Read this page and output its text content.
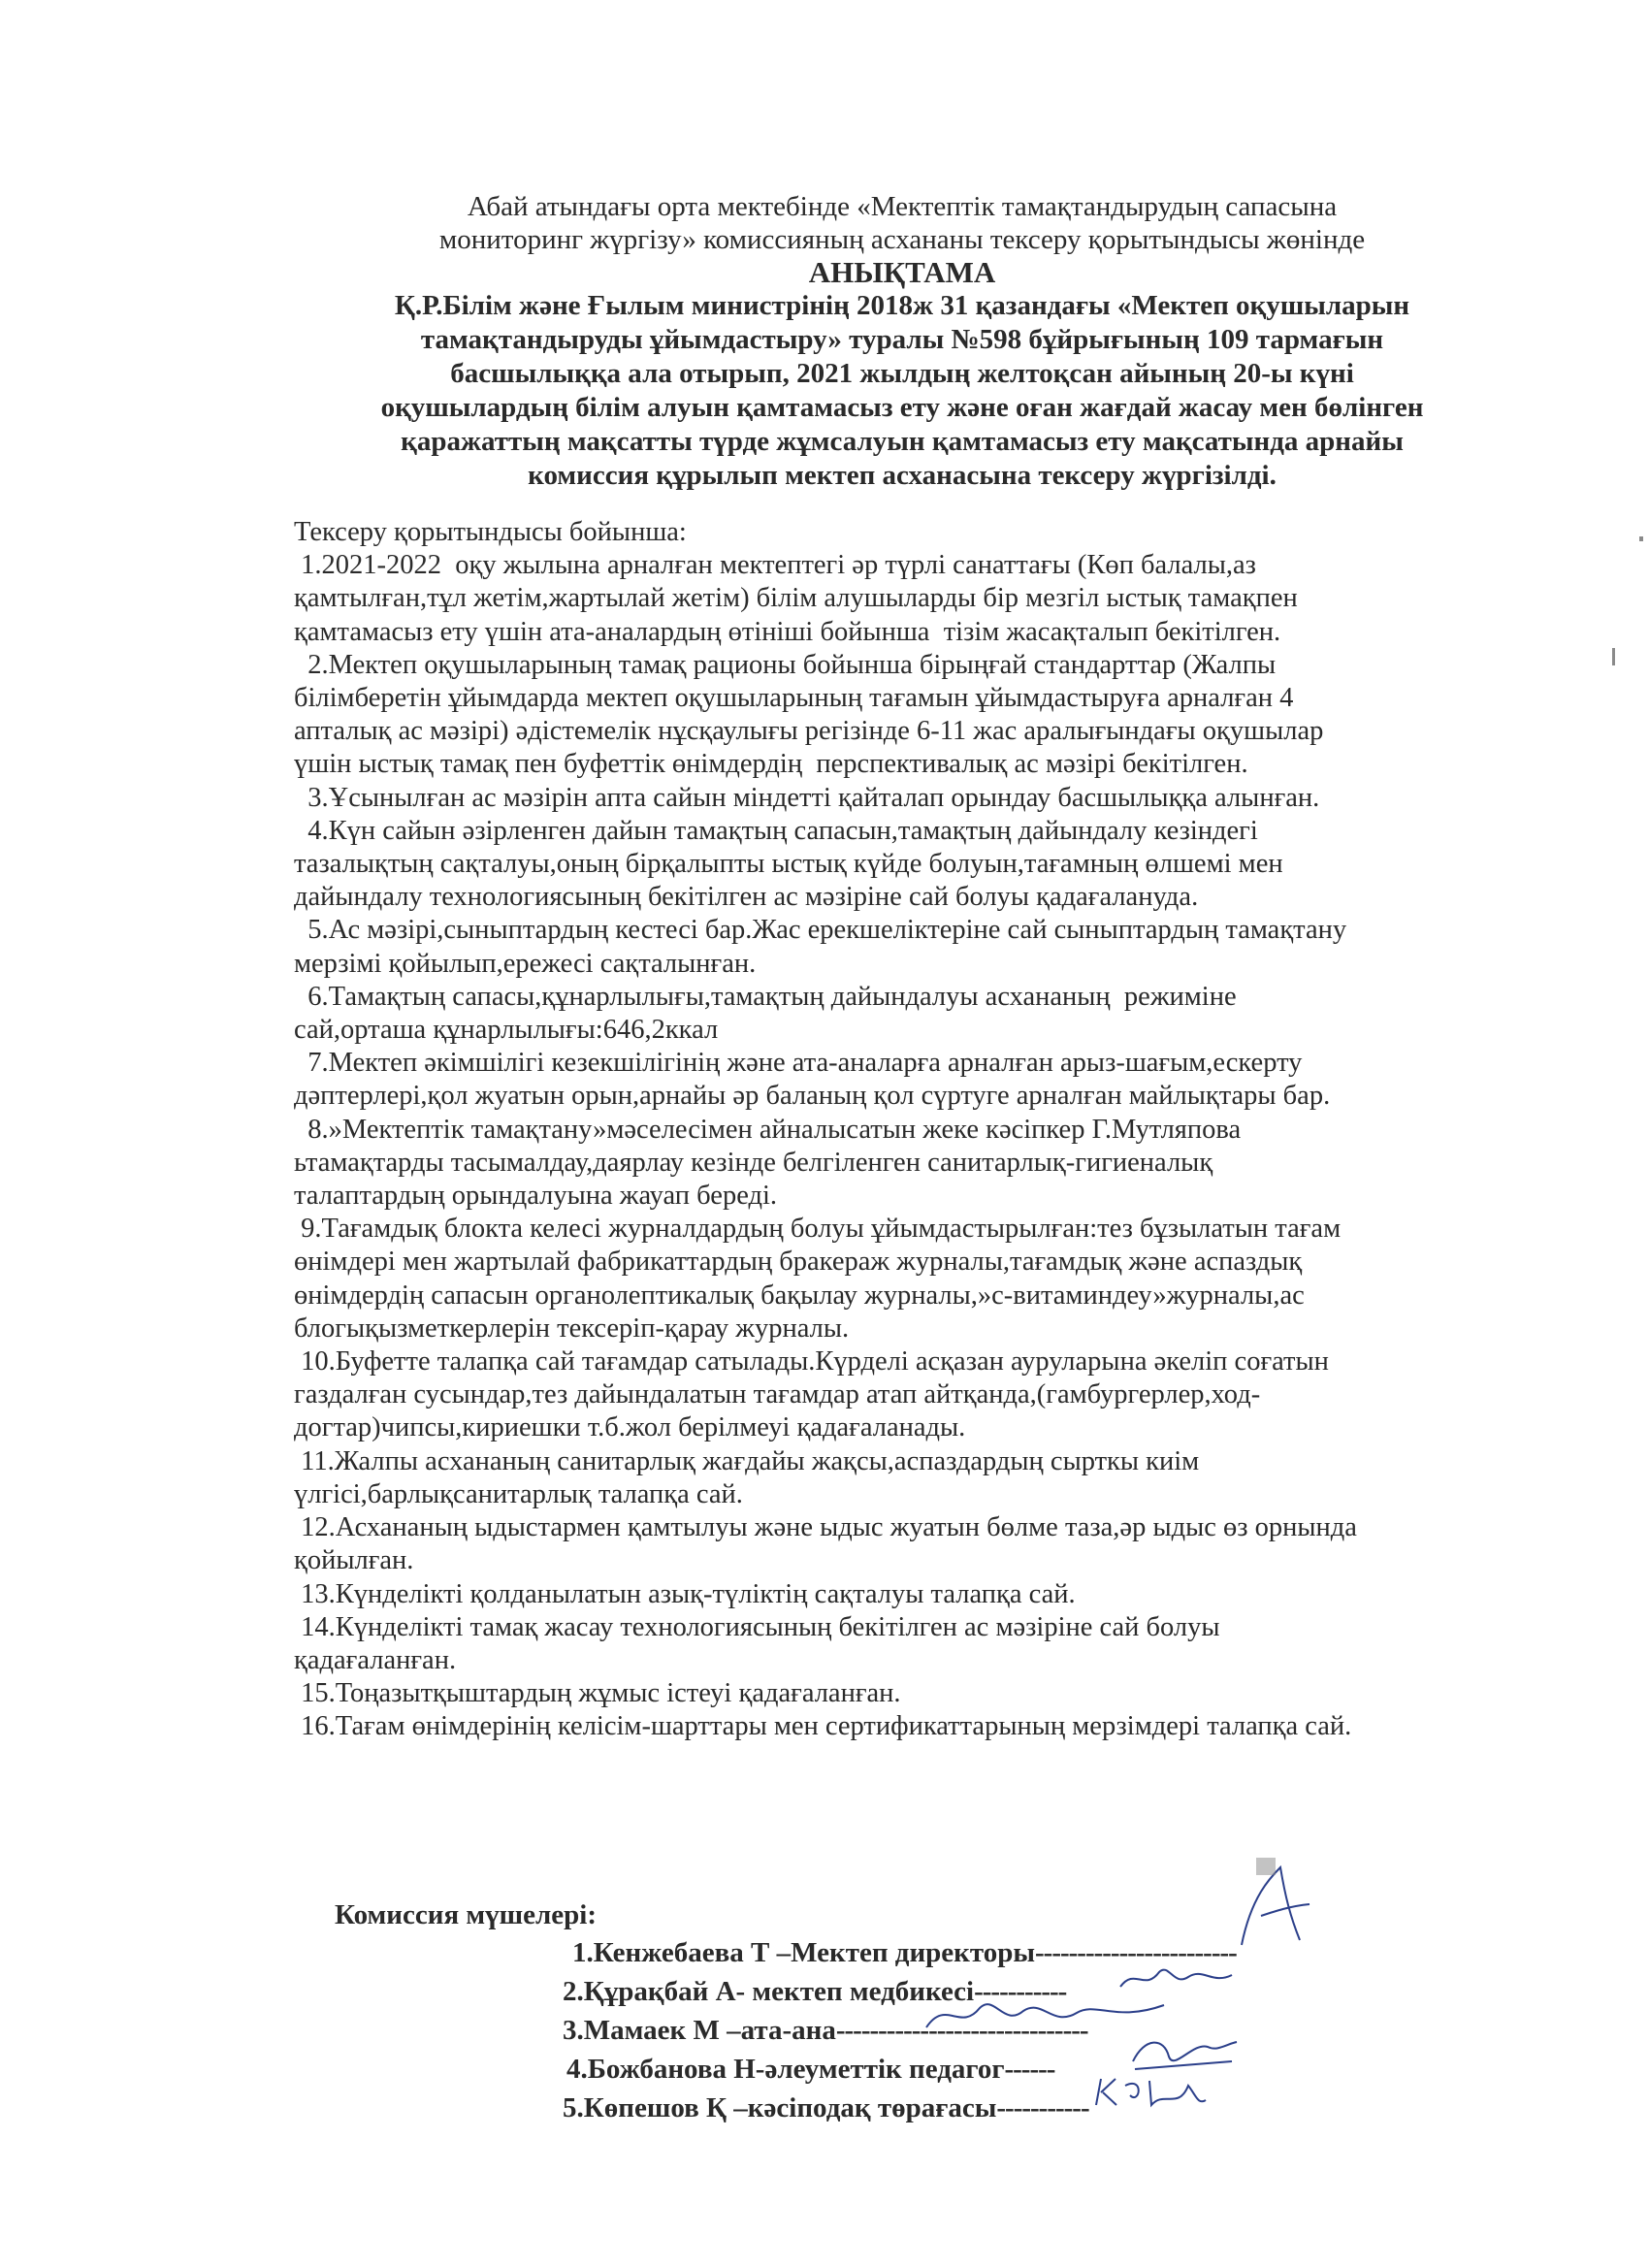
Абай атындағы орта мектебінде «Мектептік тамақтандырудың сапасына
мониторинг жүргізу» комиссияның асхананы тексеру қорытындысы жөнінде
АНЫҚТАМА
Қ.Р.Білім және Ғылым министрінің 2018ж 31 қазандағы «Мектеп оқушыларын
тамақтандыруды ұйымдастыру» туралы №598 бұйрығының 109 тармағын
басшылыққа ала отырып, 2021 жылдың желтоқсан айының 20-ы күні
оқушылардың білім алуын қамтамасыз ету және оған жағдай жасау мен бөлінген
қаражаттың мақсатты түрде жұмсалуын қамтамасыз ету мақсатында арнайы
комиссия құрылып мектеп асханасына тексеру жүргізілді.
Тексеру қорытындысы бойынша:
1.2021-2022  оқу жылына арналған мектептегі әр түрлі санаттағы (Көп балалы,аз
қамтылған,тұл жетім,жартылай жетім) білім алушыларды бір мезгіл ыстық тамақпен
қамтамасыз ету үшін ата-аналардың өтініші бойынша  тізім жасақталып бекітілген.
2.Мектеп оқушыларының тамақ рационы бойынша бірыңғай стандарттар (Жалпы
білімберетін ұйымдарда мектеп оқушыларының тағамын ұйымдастыруға арналған 4
апталық ас мәзірі) әдістемелік нұсқаулығы регізінде 6-11 жас аралығындағы оқушылар
үшін ыстық тамақ пен буфеттік өнімдердің  перспективалық ас мәзірі бекітілген.
3.Ұсынылған ас мәзірін апта сайын міндетті қайталап орындау басшылыққа алынған.
4.Күн сайын әзірленген дайын тамақтың сапасын,тамақтың дайындалу кезіндегі
тазалықтың сақталуы,оның бірқалыпты ыстық күйде болуын,тағамның өлшемі мен
дайындалу технологиясының бекітілген ас мәзіріне сай болуы қадағалануда.
5.Ас мәзірі,сыныптардың кестесі бар.Жас ерекшеліктеріне сай сыныптардың тамақтану
мерзімі қойылып,ережесі сақталынған.
6.Тамақтың сапасы,құнарлылығы,тамақтың дайындалуы асхананың  режиміне
сай,орташа құнарлылығы:646,2ккал
7.Мектеп әкімшілігі кезекшілігінің және ата-аналарға арналған арыз-шағым,ескерту
дәптерлері,қол жуатын орын,арнайы әр баланың қол сүртуге арналған майлықтары бар.
8.»Мектептік тамақтану»мәселесімен айналысатын жеке кәсіпкер Г.Мутляпова
ьтамақтарды тасымалдау,даярлау кезінде белгіленген санитарлық-гигиеналық
талаптардың орындалуына жауап береді.
9.Тағамдық блокта келесі журналдардың болуы ұйымдастырылған:тез бұзылатын тағам
өнімдері мен жартылай фабрикаттардың бракераж журналы,тағамдық және аспаздық
өнімдердің сапасын органолептикалық бақылау журналы,»с-витаминдеу»журналы,ас
блогықызметкерлерін тексеріп-қарау журналы.
10.Буфетте талапқа сай тағамдар сатылады.Күрделі асқазан ауруларына әкеліп соғатын
газдалған сусындар,тез дайындалатын тағамдар атап айтқанда,(гамбургерлер,ход-
догтар)чипсы,кириешки т.б.жол берілмеуі қадағаланады.
11.Жалпы асхананың санитарлық жағдайы жақсы,аспаздардың сырткы киім
үлгісі,барлықсанитарлық талапқа сай.
12.Асхананың ыдыстармен қамтылуы және ыдыс жуатын бөлме таза,әр ыдыс өз орнында
қойылған.
13.Күнделікті қолданылатын азық-түліктің сақталуы талапқа сай.
14.Күнделікті тамақ жасау технологиясының бекітілген ас мәзіріне сай болуы
қадағаланған.
15.Тоңазытқыштардың жұмыс істеуі қадағаланған.
16.Тағам өнімдерінің келісім-шарттары мен сертификаттарының мерзімдері талапқа сай.
Комиссия мүшелері:
1.Кенжебаева Т –Мектеп директоры------------------------
2.Құрақбай А- мектеп медбикесі-----------
3.Мамаек М –ата-ана------------------------------
4.Божбанова Н-әлеуметтік педагог------
5.Көпешов Қ –кәсіподақ төрағасы-----------
